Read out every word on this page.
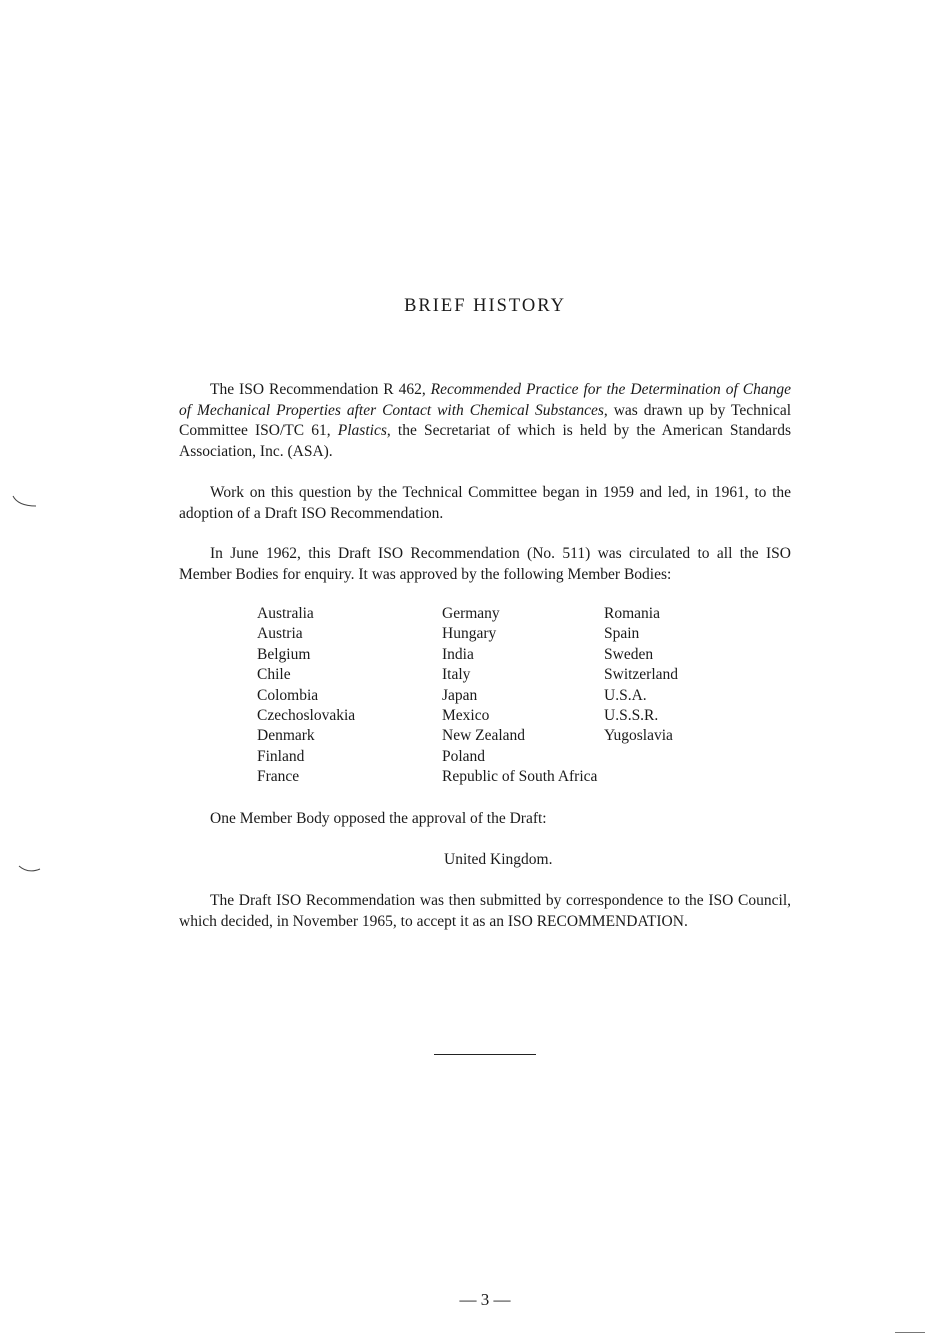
BRIEF HISTORY
The ISO Recommendation R 462, Recommended Practice for the Determination of Change of Mechanical Properties after Contact with Chemical Substances, was drawn up by Technical Committee ISO/TC 61, Plastics, the Secretariat of which is held by the American Standards Association, Inc. (ASA).
Work on this question by the Technical Committee began in 1959 and led, in 1961, to the adoption of a Draft ISO Recommendation.
In June 1962, this Draft ISO Recommendation (No. 511) was circulated to all the ISO Member Bodies for enquiry. It was approved by the following Member Bodies:
Australia
Austria
Belgium
Chile
Colombia
Czechoslovakia
Denmark
Finland
France
Germany
Hungary
India
Italy
Japan
Mexico
New Zealand
Poland
Republic of South Africa
Romania
Spain
Sweden
Switzerland
U.S.A.
U.S.S.R.
Yugoslavia
One Member Body opposed the approval of the Draft:
United Kingdom.
The Draft ISO Recommendation was then submitted by correspondence to the ISO Council, which decided, in November 1965, to accept it as an ISO RECOMMENDATION.
— 3 —
